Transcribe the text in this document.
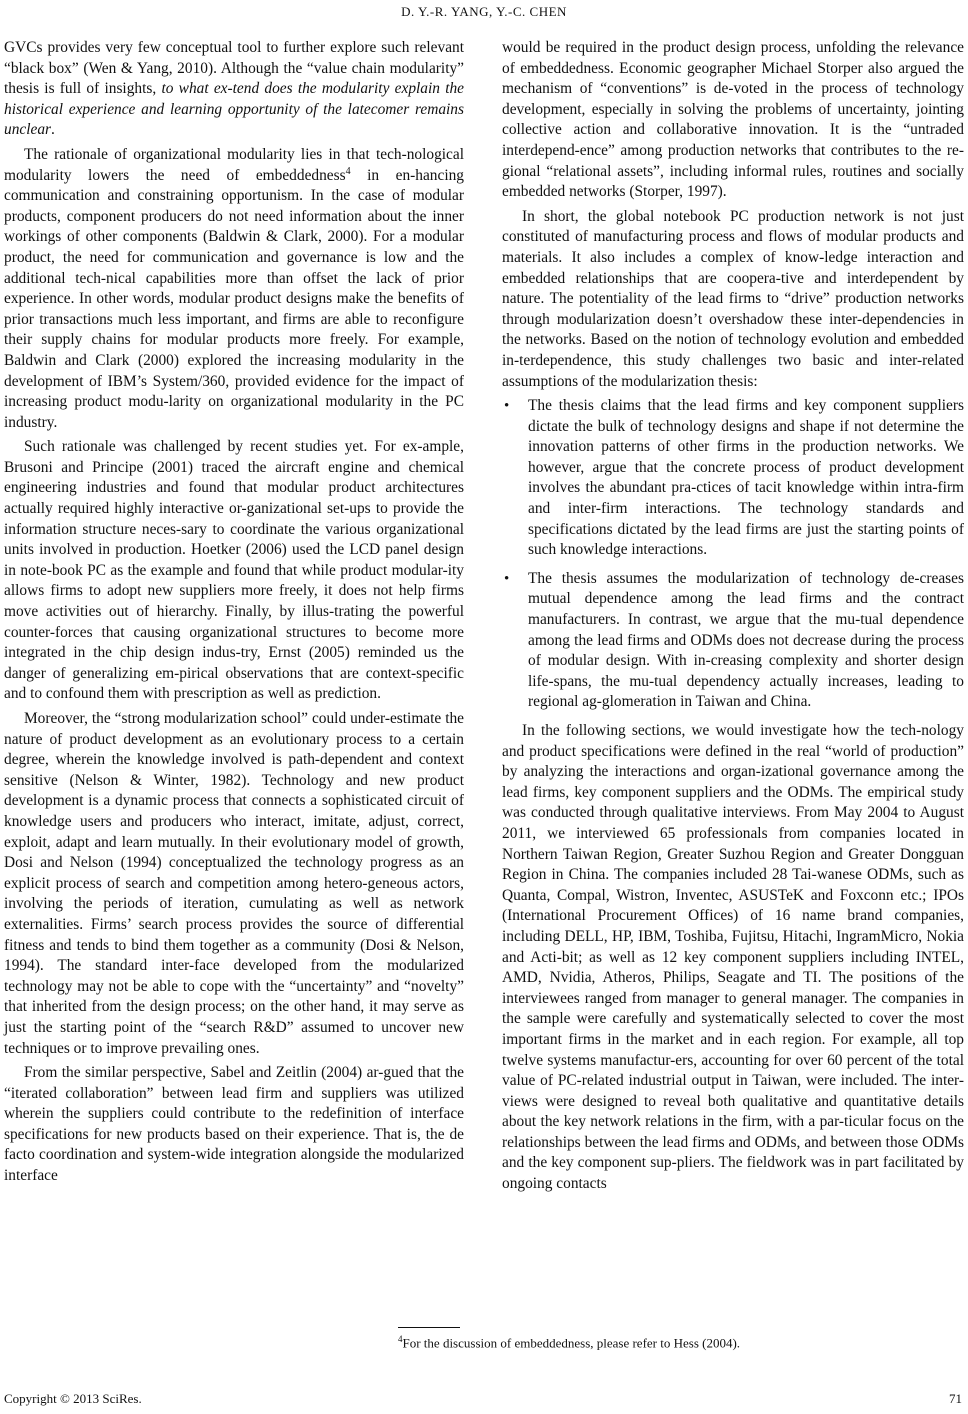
D. Y.-R. YANG, Y.-C. CHEN

GVCs provides very few conceptual tool to further explore such relevant “black box” (Wen & Yang, 2010). Although the “value chain modularity” thesis is full of insights, to what ex-tend does the modularity explain the historical experience and learning opportunity of the latecomer remains unclear.

The rationale of organizational modularity lies in that tech-nological modularity lowers the need of embeddedness$^4$ in en-hancing communication and constraining opportunism. In the case of modular products, component producers do not need information about the inner workings of other components (Baldwin & Clark, 2000). For a modular product, the need for communication and governance is low and the additional tech-nical capabilities more than offset the lack of prior experience. In other words, modular product designs make the benefits of prior transactions much less important, and firms are able to reconfigure their supply chains for modular products more freely. For example, Baldwin and Clark (2000) explored the increasing modularity in the development of IBM’s System/360, provided evidence for the impact of increasing product modu-larity on organizational modularity in the PC industry.

Such rationale was challenged by recent studies yet. For ex-ample, Brusoni and Principe (2001) traced the aircraft engine and chemical engineering industries and found that modular product architectures actually required highly interactive or-ganizational set-ups to provide the information structure neces-sary to coordinate the various organizational units involved in production. Hoetker (2006) used the LCD panel design in note-book PC as the example and found that while product modular-ity allows firms to adopt new suppliers more freely, it does not help firms move activities out of hierarchy. Finally, by illus-trating the powerful counter-forces that causing organizational structures to become more integrated in the chip design indus-try, Ernst (2005) reminded us the danger of generalizing em-pirical observations that are context-specific and to confound them with prescription as well as prediction.

Moreover, the “strong modularization school” could under-estimate the nature of product development as an evolutionary process to a certain degree, wherein the knowledge involved is path-dependent and context sensitive (Nelson & Winter, 1982). Technology and new product development is a dynamic process that connects a sophisticated circuit of knowledge users and producers who interact, imitate, adjust, correct, exploit, adapt and learn mutually. In their evolutionary model of growth, Dosi and Nelson (1994) conceptualized the technology progress as an explicit process of search and competition among hetero-geneous actors, involving the periods of iteration, cumulating as well as network externalities. Firms’ search process provides the source of differential fitness and tends to bind them together as a community (Dosi & Nelson, 1994). The standard inter-face developed from the modularized technology may not be able to cope with the “uncertainty” and “novelty” that inherited from the design process; on the other hand, it may serve as just the starting point of the “search R&D” assumed to uncover new techniques or to improve prevailing ones.

From the similar perspective, Sabel and Zeitlin (2004) ar-gued that the “iterated collaboration” between lead firm and suppliers was utilized wherein the suppliers could contribute to the redefinition of interface specifications for new products based on their experience. That is, the de facto coordination and system-wide integration alongside the modularized interface

would be required in the product design process, unfolding the relevance of embeddedness. Economic geographer Michael Storper also argued the mechanism of “conventions” is de-voted in the process of technology development, especially in solving the problems of uncertainty, jointing collective action and collaborative innovation. It is the “untraded interdepend-ence” among production networks that contributes to the re-gional “relational assets”, including informal rules, routines and socially embedded networks (Storper, 1997).

In short, the global notebook PC production network is not just constituted of manufacturing process and flows of modular products and materials. It also includes a complex of know-ledge interaction and embedded relationships that are coopera-tive and interdependent by nature. The potentiality of the lead firms to “drive” production networks through modularization doesn’t overshadow these inter-dependencies in the networks. Based on the notion of technology evolution and embedded in-terdependence, this study challenges two basic and inter-related assumptions of the modularization thesis:

• The thesis claims that the lead firms and key component suppliers dictate the bulk of technology designs and shape if not determine the innovation patterns of other firms in the production networks. We however, argue that the concrete process of product development involves the abundant pra-ctices of tacit knowledge within intra-firm and inter-firm interactions. The technology standards and specifications dictated by the lead firms are just the starting points of such knowledge interactions.
• The thesis assumes the modularization of technology de-creases mutual dependence among the lead firms and the contract manufacturers. In contrast, we argue that the mu-tual dependence among the lead firms and ODMs does not decrease during the process of modular design. With in-creasing complexity and shorter design life-spans, the mu-tual dependency actually increases, leading to regional ag-glomeration in Taiwan and China.

In the following sections, we would investigate how the tech-nology and product specifications were defined in the real “world of production” by analyzing the interactions and organ-izational governance among the lead firms, key component suppliers and the ODMs. The empirical study was conducted through qualitative interviews. From May 2004 to August 2011, we interviewed 65 professionals from companies located in Northern Taiwan Region, Greater Suzhou Region and Greater Dongguan Region in China. The companies included 28 Tai-wanese ODMs, such as Quanta, Compal, Wistron, Inventec, ASUSTeK and Foxconn etc.; IPOs (International Procurement Offices) of 16 name brand companies, including DELL, HP, IBM, Toshiba, Fujitsu, Hitachi, IngramMicro, Nokia and Acti-bit; as well as 12 key component suppliers including INTEL, AMD, Nvidia, Atheros, Philips, Seagate and TI. The positions of the interviewees ranged from manager to general manager. The companies in the sample were carefully and systematically selected to cover the most important firms in the market and in each region. For example, all top twelve systems manufactur-ers, accounting for over 60 percent of the total value of PC-related industrial output in Taiwan, were included. The inter-views were designed to reveal both qualitative and quantitative details about the key network relations in the firm, with a par-ticular focus on the relationships between the lead firms and ODMs, and between those ODMs and the key component sup-pliers. The fieldwork was in part facilitated by ongoing contacts

$^4$For the discussion of embeddedness, please refer to Hess (2004).
Copyright © 2013 SciRes.	71
